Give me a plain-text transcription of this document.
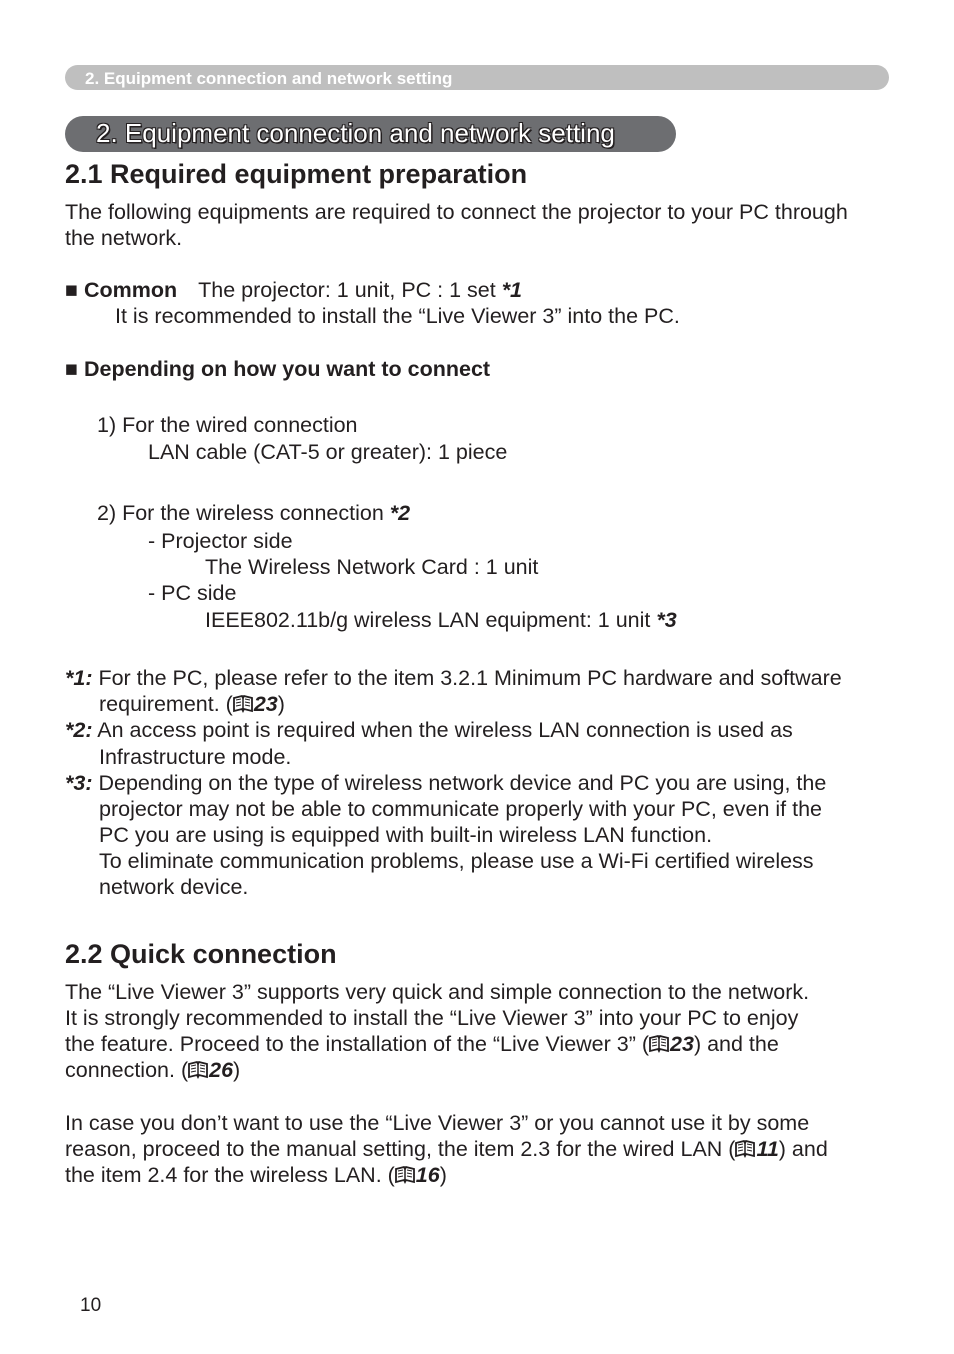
2. Equipment connection and network setting
2. Equipment connection and network setting
2.1 Required equipment preparation
The following equipments are required to connect the projector to your PC through
the network.
■ Common The projector: 1 unit, PC : 1 set *1
It is recommended to install the “Live Viewer 3” into the PC.
■ Depending on how you want to connect
1) For the wired connection
LAN cable (CAT-5 or greater): 1 piece
2) For the wireless connection *2
- Projector side
The Wireless Network Card : 1 unit
- PC side
IEEE802.11b/g wireless LAN equipment: 1 unit *3
*1: For the PC, please refer to the item 3.2.1 Minimum PC hardware and software
requirement. ( 23)
*2: An access point is required when the wireless LAN connection is used as
Infrastructure mode.
*3: Depending on the type of wireless network device and PC you are using, the
projector may not be able to communicate properly with your PC, even if the
PC you are using is equipped with built-in wireless LAN function.
To eliminate communication problems, please use a Wi-Fi certified wireless
network device.
2.2 Quick connection
The “Live Viewer 3” supports very quick and simple connection to the network.
It is strongly recommended to install the “Live Viewer 3” into your PC to enjoy
the feature. Proceed to the installation of the “Live Viewer 3” ( 23) and the
connection. ( 26)
In case you don’t want to use the “Live Viewer 3” or you cannot use it by some
reason, proceed to the manual setting, the item 2.3 for the wired LAN ( 11) and
the item 2.4 for the wireless LAN. ( 16)
10
